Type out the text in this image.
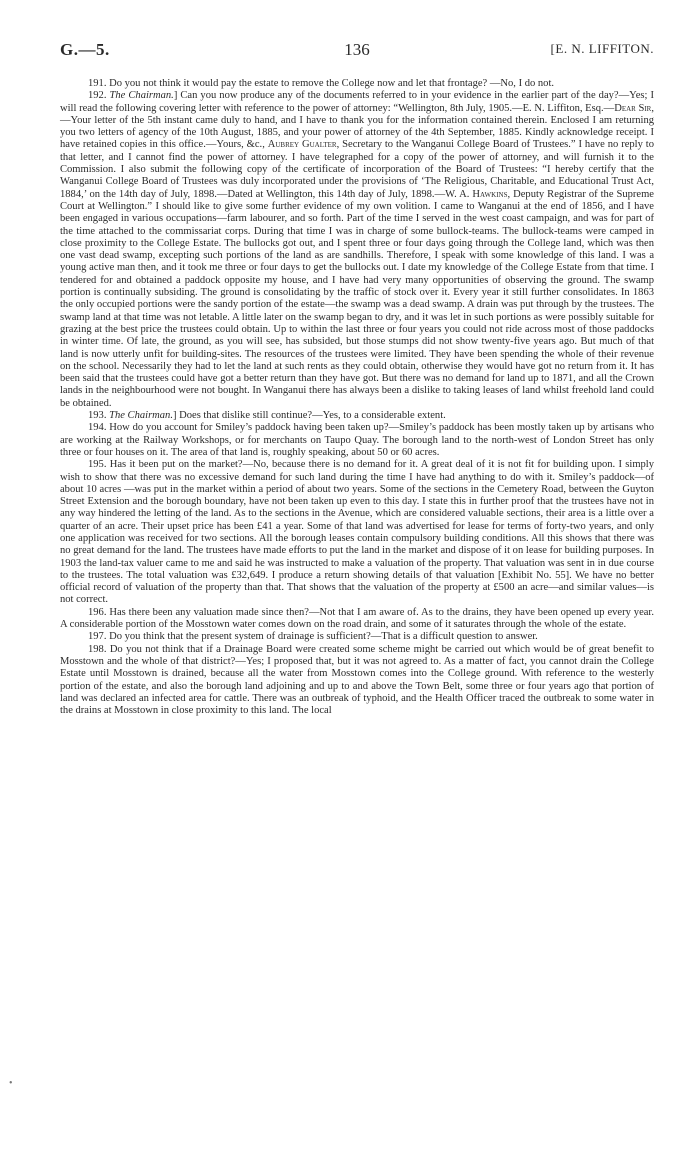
G.—5.	136	[E. N. LIFFITON.

191. Do you not think it would pay the estate to remove the College now and let that frontage? —No, I do not.

192. The Chairman.] Can you now produce any of the documents referred to in your evidence in the earlier part of the day?—Yes; I will read the following covering letter with reference to the power of attorney: “Wellington, 8th July, 1905.—E. N. Liffiton, Esq.—Dear Sir,—Your letter of the 5th instant came duly to hand, and I have to thank you for the information contained therein. Enclosed I am returning you two letters of agency of the 10th August, 1885, and your power of attorney of the 4th September, 1885. Kindly acknowledge receipt. I have retained copies in this office.—Yours, &c., Aubrey Gualter, Secretary to the Wanganui College Board of Trustees.” I have no reply to that letter, and I cannot find the power of attorney. I have telegraphed for a copy of the power of attorney, and will furnish it to the Commission. I also submit the following copy of the certificate of incorporation of the Board of Trustees: “I hereby certify that the Wanganui College Board of Trustees was duly incorporated under the provisions of ‘The Religious, Charitable, and Educational Trust Act, 1884,’ on the 14th day of July, 1898.—Dated at Wellington, this 14th day of July, 1898.—W. A. Hawkins, Deputy Registrar of the Supreme Court at Wellington.” I should like to give some further evidence of my own volition. I came to Wanganui at the end of 1856, and I have been engaged in various occupations—farm labourer, and so forth. Part of the time I served in the west coast campaign, and was for part of the time attached to the commissariat corps. During that time I was in charge of some bullock-teams. The bullock-teams were camped in close proximity to the College Estate. The bullocks got out, and I spent three or four days going through the College land, which was then one vast dead swamp, excepting such portions of the land as are sandhills. Therefore, I speak with some knowledge of this land. I was a young active man then, and it took me three or four days to get the bullocks out. I date my knowledge of the College Estate from that time. I tendered for and obtained a paddock opposite my house, and I have had very many opportunities of observing the ground. The swamp portion is continually subsiding. The ground is consolidating by the traffic of stock over it. Every year it still further consolidates. In 1863 the only occupied portions were the sandy portion of the estate—the swamp was a dead swamp. A drain was put through by the trustees. The swamp land at that time was not letable. A little later on the swamp began to dry, and it was let in such portions as were possibly suitable for grazing at the best price the trustees could obtain. Up to within the last three or four years you could not ride across most of those paddocks in winter time. Of late, the ground, as you will see, has subsided, but those stumps did not show twenty-five years ago. But much of that land is now utterly unfit for building-sites. The resources of the trustees were limited. They have been spending the whole of their revenue on the school. Necessarily they had to let the land at such rents as they could obtain, otherwise they would have got no return from it. It has been said that the trustees could have got a better return than they have got. But there was no demand for land up to 1871, and all the Crown lands in the neighbourhood were not bought. In Wanganui there has always been a dislike to taking leases of land whilst freehold land could be obtained.

193. The Chairman.] Does that dislike still continue?—Yes, to a considerable extent.

194. How do you account for Smiley’s paddock having been taken up?—Smiley’s paddock has been mostly taken up by artisans who are working at the Railway Workshops, or for merchants on Taupo Quay. The borough land to the north-west of London Street has only three or four houses on it. The area of that land is, roughly speaking, about 50 or 60 acres.

195. Has it been put on the market?—No, because there is no demand for it. A great deal of it is not fit for building upon. I simply wish to show that there was no excessive demand for such land during the time I have had anything to do with it. Smiley’s paddock—of about 10 acres —was put in the market within a period of about two years. Some of the sections in the Cemetery Road, between the Guyton Street Extension and the borough boundary, have not been taken up even to this day. I state this in further proof that the trustees have not in any way hindered the letting of the land. As to the sections in the Avenue, which are considered valuable sections, their area is a little over a quarter of an acre. Their upset price has been £41 a year. Some of that land was advertised for lease for terms of forty-two years, and only one application was received for two sections. All the borough leases contain compulsory building conditions. All this shows that there was no great demand for the land. The trustees have made efforts to put the land in the market and dispose of it on lease for building purposes. In 1903 the land-tax valuer came to me and said he was instructed to make a valuation of the property. That valuation was sent in in due course to the trustees. The total valuation was £32,649. I produce a return showing details of that valuation [Exhibit No. 55]. We have no better official record of valuation of the property than that. That shows that the valuation of the property at £500 an acre—and similar values—is not correct.

196. Has there been any valuation made since then?—Not that I am aware of. As to the drains, they have been opened up every year. A considerable portion of the Mosstown water comes down on the road drain, and some of it saturates through the whole of the estate.

197. Do you think that the present system of drainage is sufficient?—That is a difficult question to answer.

198. Do you not think that if a Drainage Board were created some scheme might be carried out which would be of great benefit to Mosstown and the whole of that district?—Yes; I proposed that, but it was not agreed to. As a matter of fact, you cannot drain the College Estate until Mosstown is drained, because all the water from Mosstown comes into the College ground. With reference to the westerly portion of the estate, and also the borough land adjoining and up to and above the Town Belt, some three or four years ago that portion of land was declared an infected area for cattle. There was an outbreak of typhoid, and the Health Officer traced the outbreak to some water in the drains at Mosstown in close proximity to this land. The local

•
